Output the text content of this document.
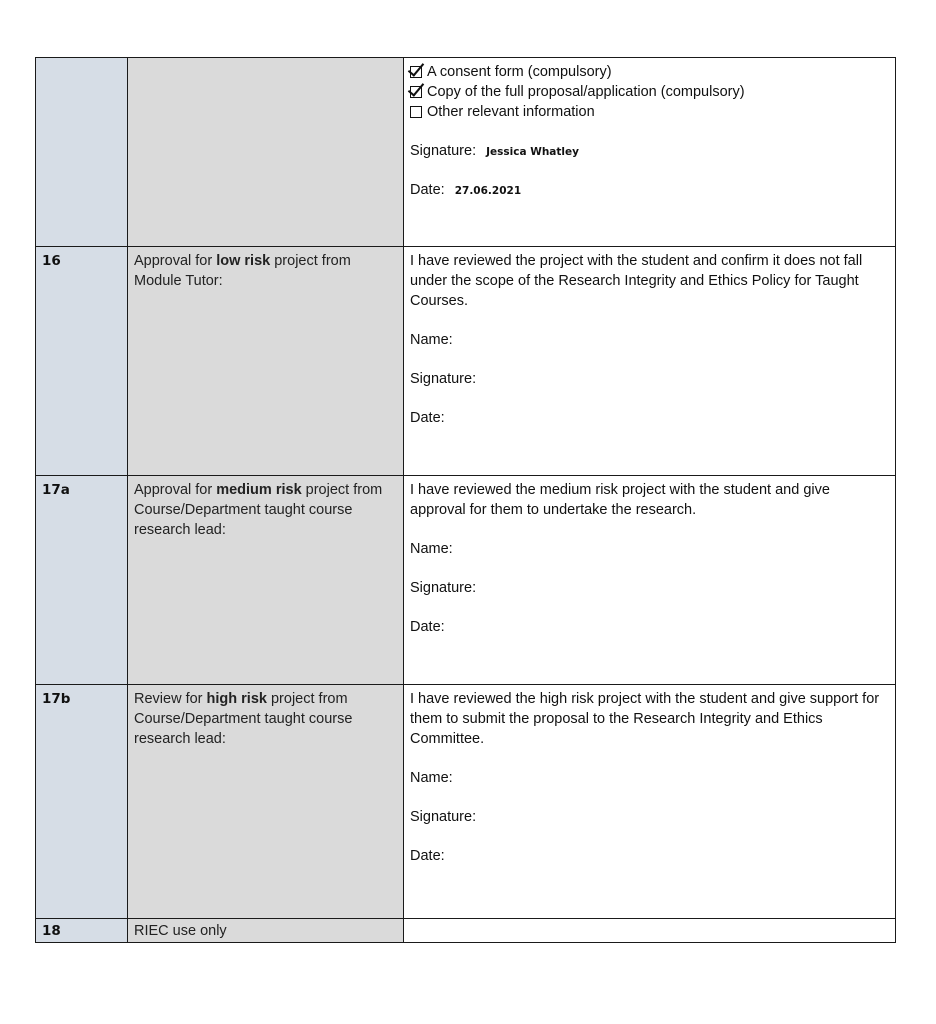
		A consent form (compulsory)
Copy of the full proposal/application (compulsory)
Other relevant information
Signature: Jessica Whatley
Date: 27.06.2021

16	Approval for low risk project from Module Tutor:	I have reviewed the project with the student and confirm it does not fall under the scope of the Research Integrity and Ethics Policy for Taught Courses.

Name:
Signature:
Date:

17a	Approval for medium risk project from Course/Department taught course research lead:	I have reviewed the medium risk project with the student and give approval for them to undertake the research.

Name:
Signature:
Date:

17b	Review for high risk project from Course/Department taught course research lead:	I have reviewed the high risk project with the student and give support for them to submit the proposal to the Research Integrity and Ethics Committee.

Name:
Signature:
Date:

18	RIEC use only	
